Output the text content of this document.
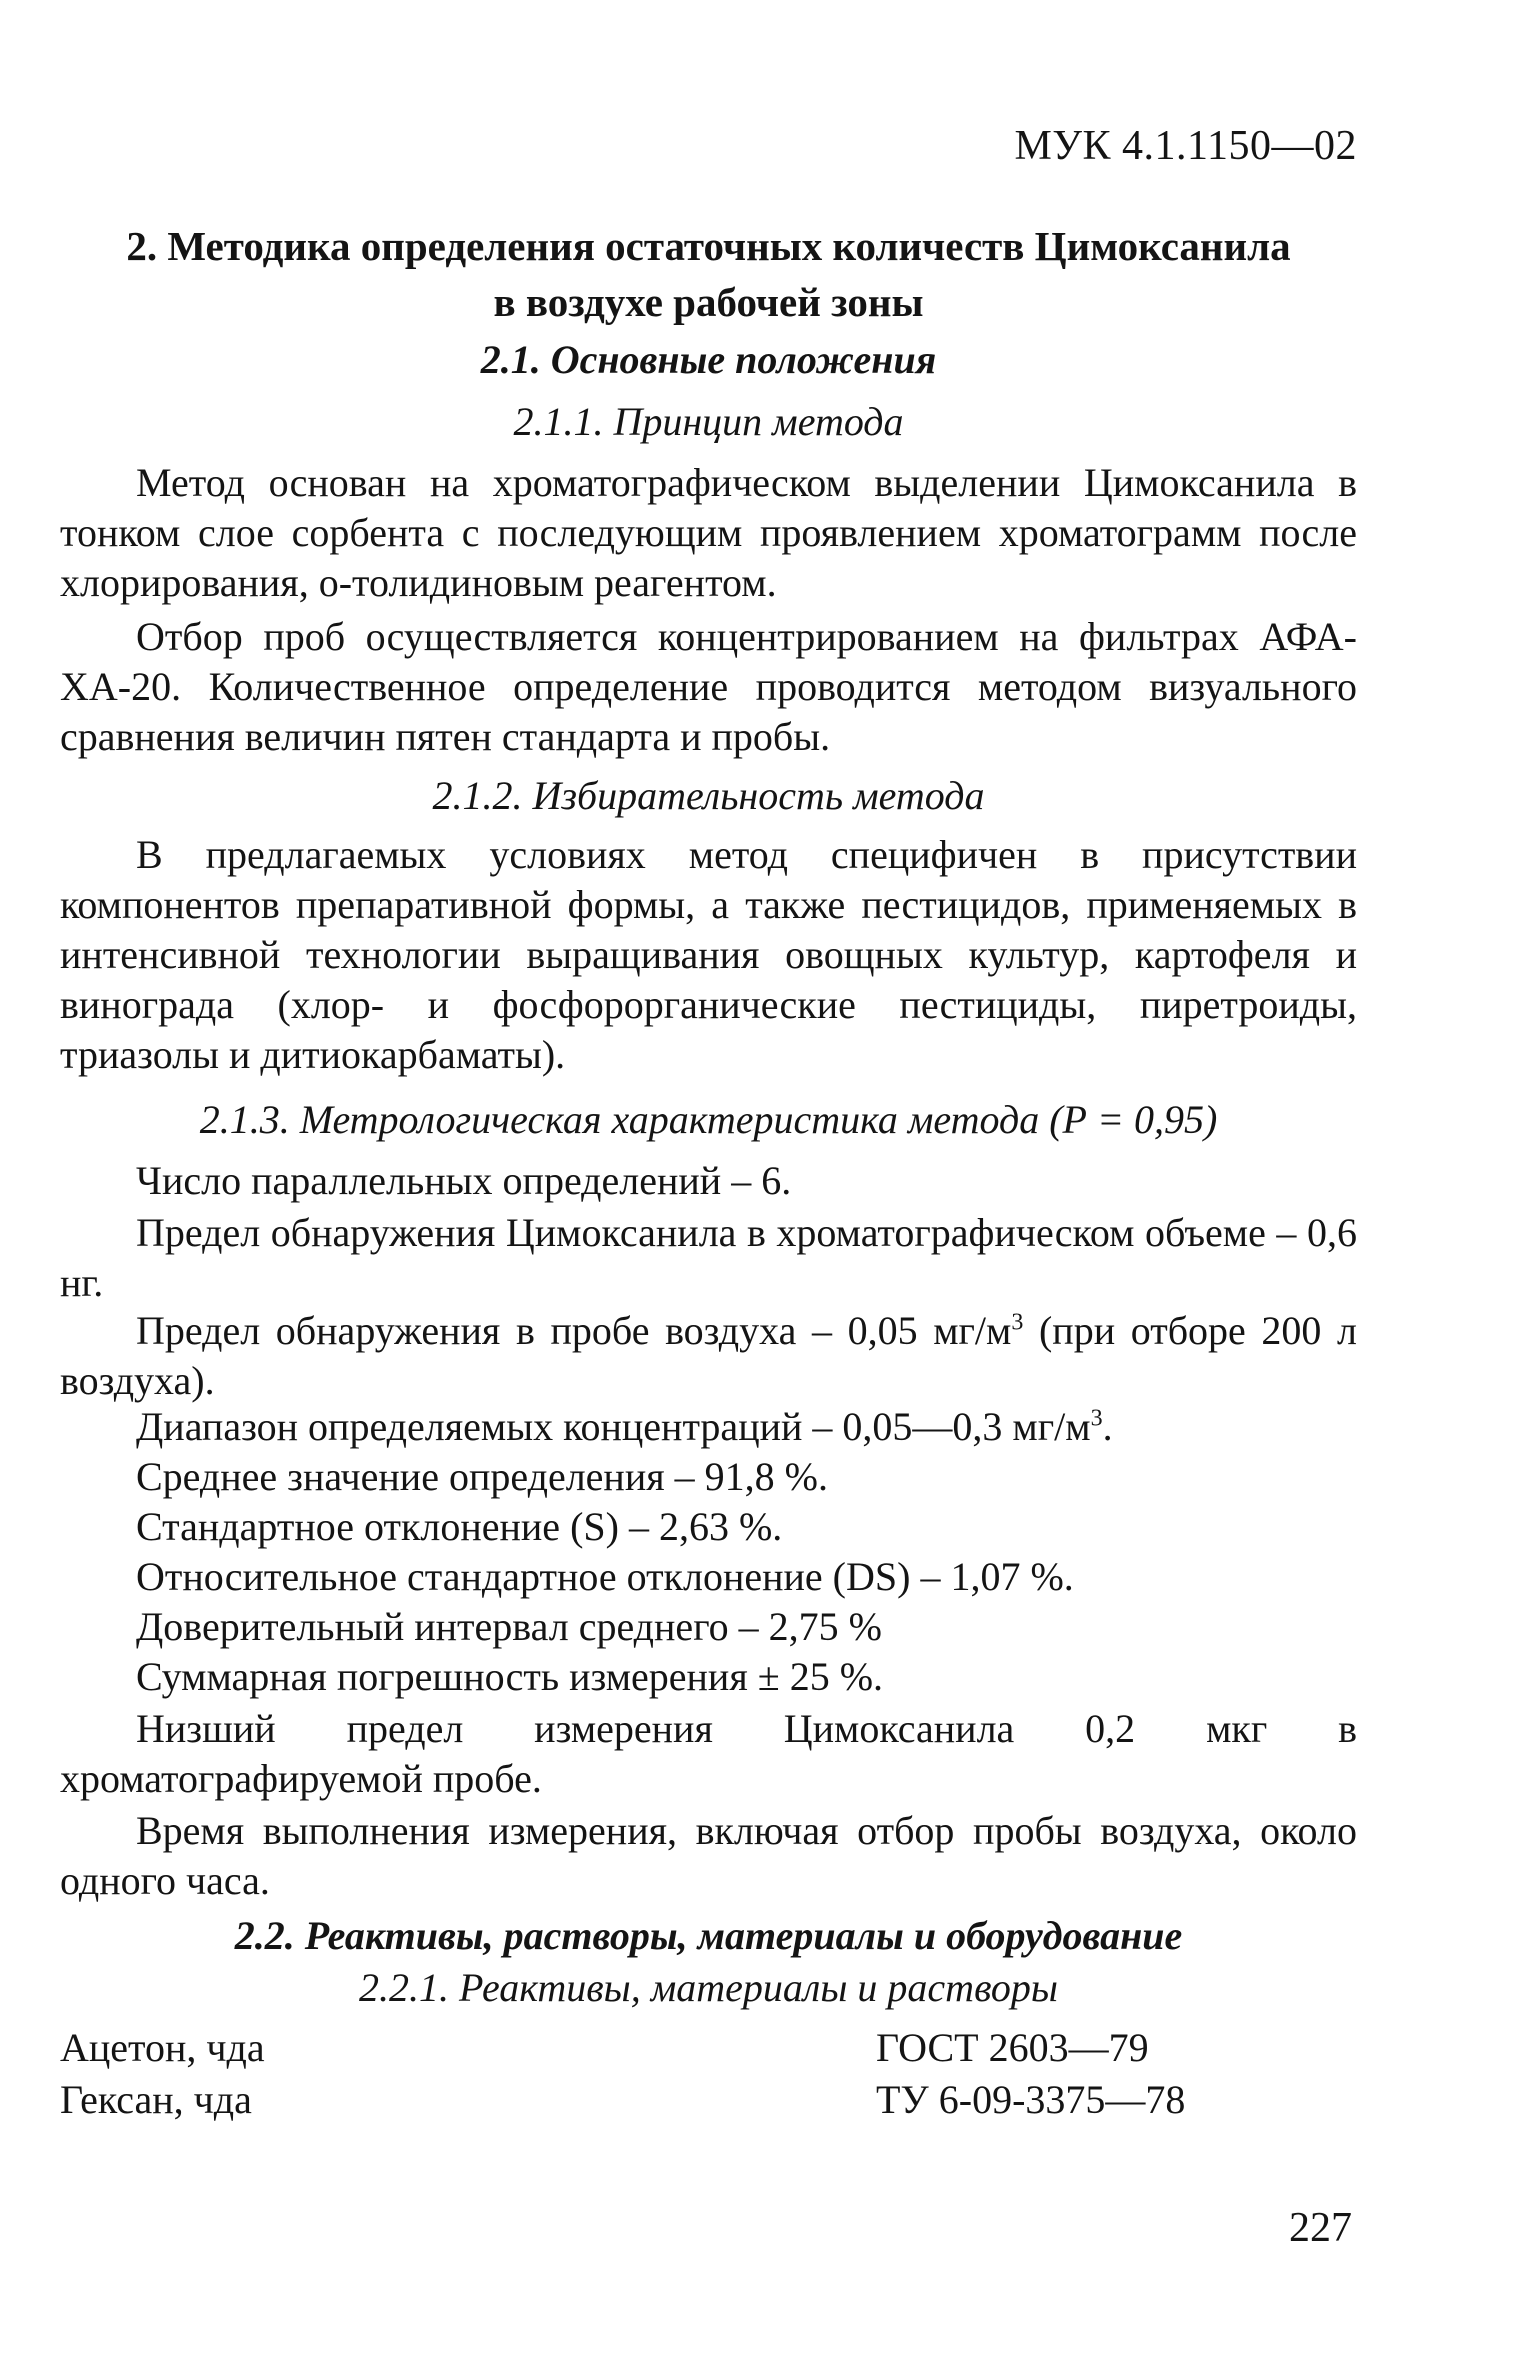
МУК 4.1.1150—02
2. Методика определения остаточных количеств Цимоксанила
в воздухе рабочей зоны
2.1. Основные положения
2.1.1. Принцип метода
Метод основан на хроматографическом выделении Цимоксанила в тонком слое сорбента с последующим проявлением хроматограмм после хлорирования, о-толидиновым реагентом.
Отбор проб осуществляется концентрированием на фильтрах АФА-ХА-20. Количественное определение проводится методом визуального сравнения величин пятен стандарта и пробы.
2.1.2. Избирательность метода
В предлагаемых условиях метод специфичен в присутствии компонентов препаративной формы, а также пестицидов, применяемых в интенсивной технологии выращивания овощных культур, картофеля и винограда (хлор- и фосфорорганические пестициды, пиретроиды, триазолы и дитиокарбаматы).
2.1.3. Метрологическая характеристика метода (Р = 0,95)
Число параллельных определений – 6.
Предел обнаружения Цимоксанила в хроматографическом объеме – 0,6 нг.
Предел обнаружения в пробе воздуха – 0,05 $мг/м^3$ (при отборе 200 л воздуха).
Диапазон определяемых концентраций – 0,05—0,3 $мг/м^3$.
Среднее значение определения – 91,8 %.
Стандартное отклонение (S) – 2,63 %.
Относительное стандартное отклонение (DS) – 1,07 %.
Доверительный интервал среднего – 2,75 %
Суммарная погрешность измерения ± 25 %.
Низший предел измерения Цимоксанила 0,2 мкг в хроматографируемой пробе.
Время выполнения измерения, включая отбор пробы воздуха, около одного часа.
2.2. Реактивы, растворы, материалы и оборудование
2.2.1. Реактивы, материалы и растворы
Ацетон, чда	ГОСТ 2603—79
Гексан, чда	ТУ 6-09-3375—78
227
